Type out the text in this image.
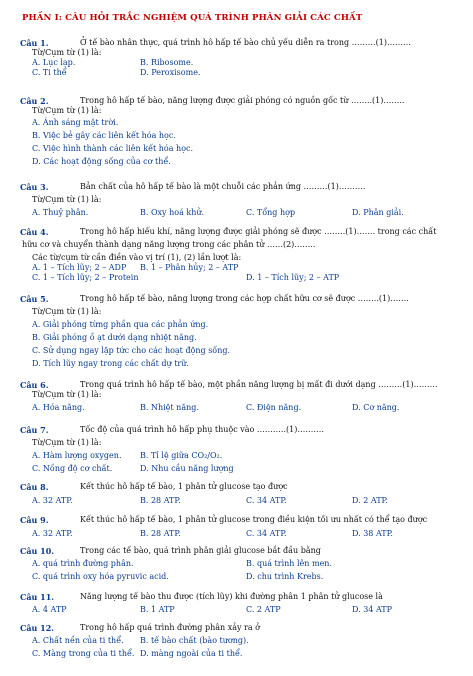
PHẦN I: CÂU HỎI TRẮC NGHIỆM QUÁ TRÌNH PHÂN GIẢI CÁC CHẤT
Câu 1.	Ở tế bào nhân thực, quá trình hô hấp tế bào chủ yếu diễn ra trong ………(1)………
Từ/Cụm từ (1) là:
A. Lục lạp.	B. Ribosome.
C. Ti thể	D. Peroxisome.
Câu 2.	Trong hô hấp tế bào, năng lượng được giải phóng có nguồn gốc từ ……..(1)……..
Từ/Cụm từ (1) là:
A. Ánh sáng mặt trời.
B. Việc bẻ gãy các liên kết hóa học.
C. Việc hình thành các liên kết hóa học.
D. Các hoạt động sống của cơ thể.
Câu 3.	Bản chất của hô hấp tế bào là một chuỗi các phản ứng ………(1)……….
Từ/Cụm từ (1) là:
A. Thuỷ phân.	B. Oxy hoá khử.	C. Tổng hợp	D. Phân giải.
Câu 4.	Trong hô hấp hiếu khí, năng lượng được giải phóng sẽ được ……..(1)……. trong các chất
hữu cơ và chuyển thành dạng năng lượng trong các phân tử ……(2)……..
Các từ/cụm từ cần điền vào vị trí (1), (2) lần lượt là:
A. 1 – Tích lũy; 2 – ADP B. 1 – Phân hủy; 2 – ATP
C. 1 – Tích lũy; 2 – Protein	D. 1 – Tích lũy; 2 – ATP
Câu 5.	Trong hô hấp tế bào, năng lượng trong các hợp chất hữu cơ sẽ được ……..(1)…….
Từ/Cụm từ (1) là:
A. Giải phóng từng phần qua các phản ứng.
B. Giải phóng ồ ạt dưới dạng nhiệt năng.
C. Sử dụng ngay lập tức cho các hoạt động sống.
D. Tích lũy ngay trong các chất dự trữ.
Câu 6.	Trong quá trình hô hấp tế bào, một phần năng lượng bị mất đi dưới dạng ………(1)………
Từ/Cụm từ (1) là:
A. Hóa năng.	B. Nhiệt năng.	C. Điện năng.	D. Cơ năng.
Câu 7.	Tốc độ của quá trình hô hấp phụ thuộc vào ………..(1)……….
Từ/Cụm từ (1) là:
A. Hàm lượng oxygen. B. Tỉ lệ giữa CO₂/O₂.
C. Nồng độ cơ chất.	D. Nhu cầu năng lượng
Câu 8.	Kết thúc hô hấp tế bào, 1 phân tử glucose tạo được
A. 32 ATP.	B. 28 ATP.	C. 34 ATP.	D. 2 ATP.
Câu 9.	Kết thúc hô hấp tế bào, 1 phân tử glucose trong điều kiện tối ưu nhất có thể tạo được
A. 32 ATP.	B. 28 ATP.	C. 34 ATP.	D. 38 ATP.
Câu 10.	Trong các tế bào, quá trình phân giải glucose bắt đầu bằng
A. quá trình đường phân.	B. quá trình lên men.
C. quá trình oxy hóa pyruvic acid.	D. chu trình Krebs.
Câu 11.	Năng lượng tế bào thu được (tích lũy) khi đường phân 1 phân tử glucose là
A. 4 ATP	B. 1 ATP	C. 2 ATP	D. 34 ATP
Câu 12.	Trong hô hấp quá trình đường phân xảy ra ở
A. Chất nền của ti thể. B. tế bào chất (bào tương).
C. Màng trong của ti thể. D. màng ngoài của ti thể.
